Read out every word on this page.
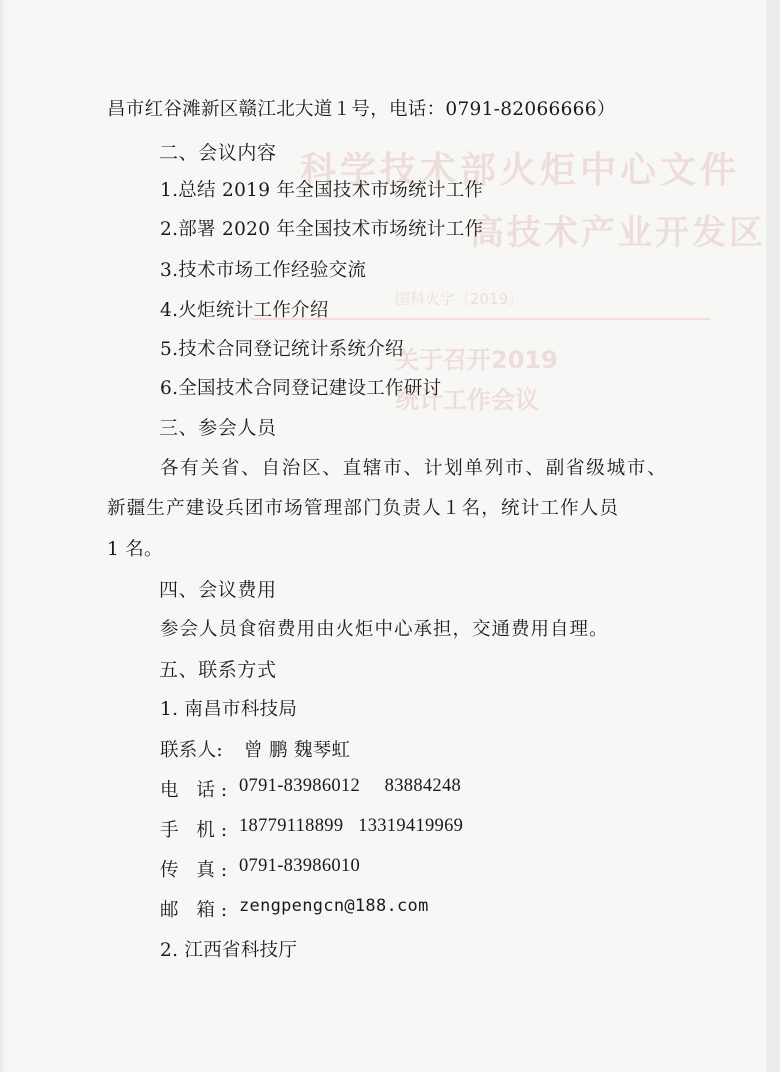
科学技术部火炬中心文件
高技术产业开发区
国科火字〔2019〕
关于召开2019
统计工作会议
昌市红谷滩新区赣江北大道１号，电话：0791-82066666）
二、会议内容
1.总结 2019 年全国技术市场统计工作
2.部署 2020 年全国技术市场统计工作
3.技术市场工作经验交流
4.火炬统计工作介绍
5.技术合同登记统计系统介绍
6.全国技术合同登记建设工作研讨
三、参会人员
各有关省、自治区、直辖市、计划单列市、副省级城市、
新疆生产建设兵团市场管理部门负责人１名，统计工作人员
1 名。
四、会议费用
参会人员食宿费用由火炬中心承担，交通费用自理。
五、联系方式
1. 南昌市科技局
联系人: 曾 鹏 魏琴虹
电 话: 0791-83986012     83884248
手 机: 18779118899   13319419969
传 真: 0791-83986010
邮 箱: zengpengcn@188.com
2. 江西省科技厅
